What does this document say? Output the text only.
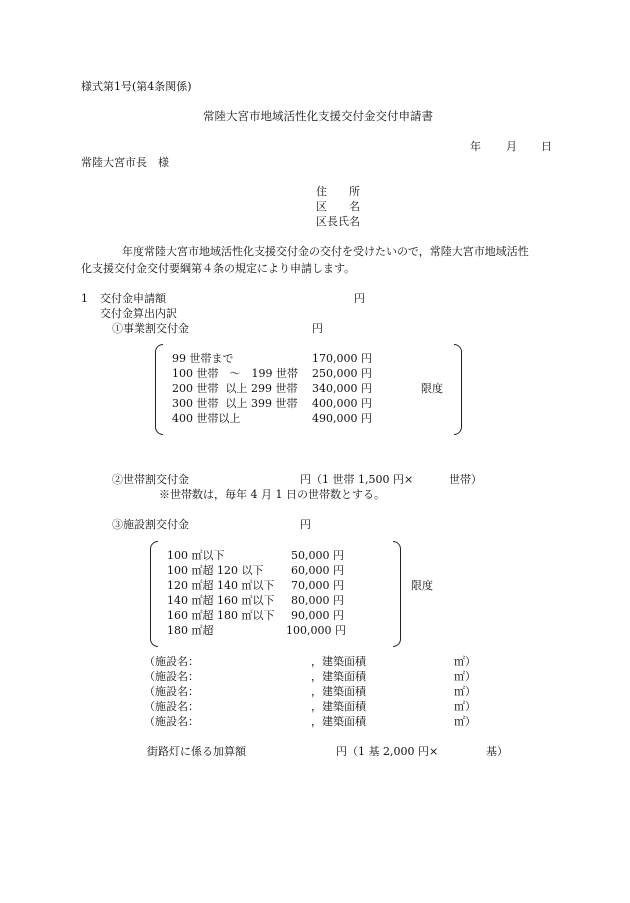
様式第1号(第4条関係)
常陸大宮市地域活性化支援交付金交付申請書
年 月 日
常陸大宮市長　様
住　　所
区　　名
区長氏名
　　年度常陸大宮市地域活性化支援交付金の交付を受けたいので，常陸大宮市地域活性
化支援交付金交付要綱第４条の規定により申請します。
1 交付金申請額	円
交付金算出内訳
①事業割交付金	円
99 世帯まで	170,000 円
100 世帯　～　199 世帯 250,000 円
200 世帯  以上 299 世帯 340,000 円
300 世帯  以上 399 世帯 400,000 円
400 世帯以上	490,000 円
限度
②世帯割交付金	円（1 世帯 1,500 円×	世帯）
※世帯数は，毎年 4 月 1 日の世帯数とする。
③施設割交付金	円
100 ㎡以下	50,000 円
100 ㎡超 120 以下	60,000 円
120 ㎡超 140 ㎡以下 70,000 円
140 ㎡超 160 ㎡以下 80,000 円
160 ㎡超 180 ㎡以下 90,000 円
180 ㎡超	100,000 円
限度
（施設名：	，建築面積	㎡）
（施設名：	，建築面積	㎡）
（施設名：	，建築面積	㎡）
（施設名：	，建築面積	㎡）
（施設名：	，建築面積	㎡）
街路灯に係る加算額	円（1 基 2,000 円×	基）
